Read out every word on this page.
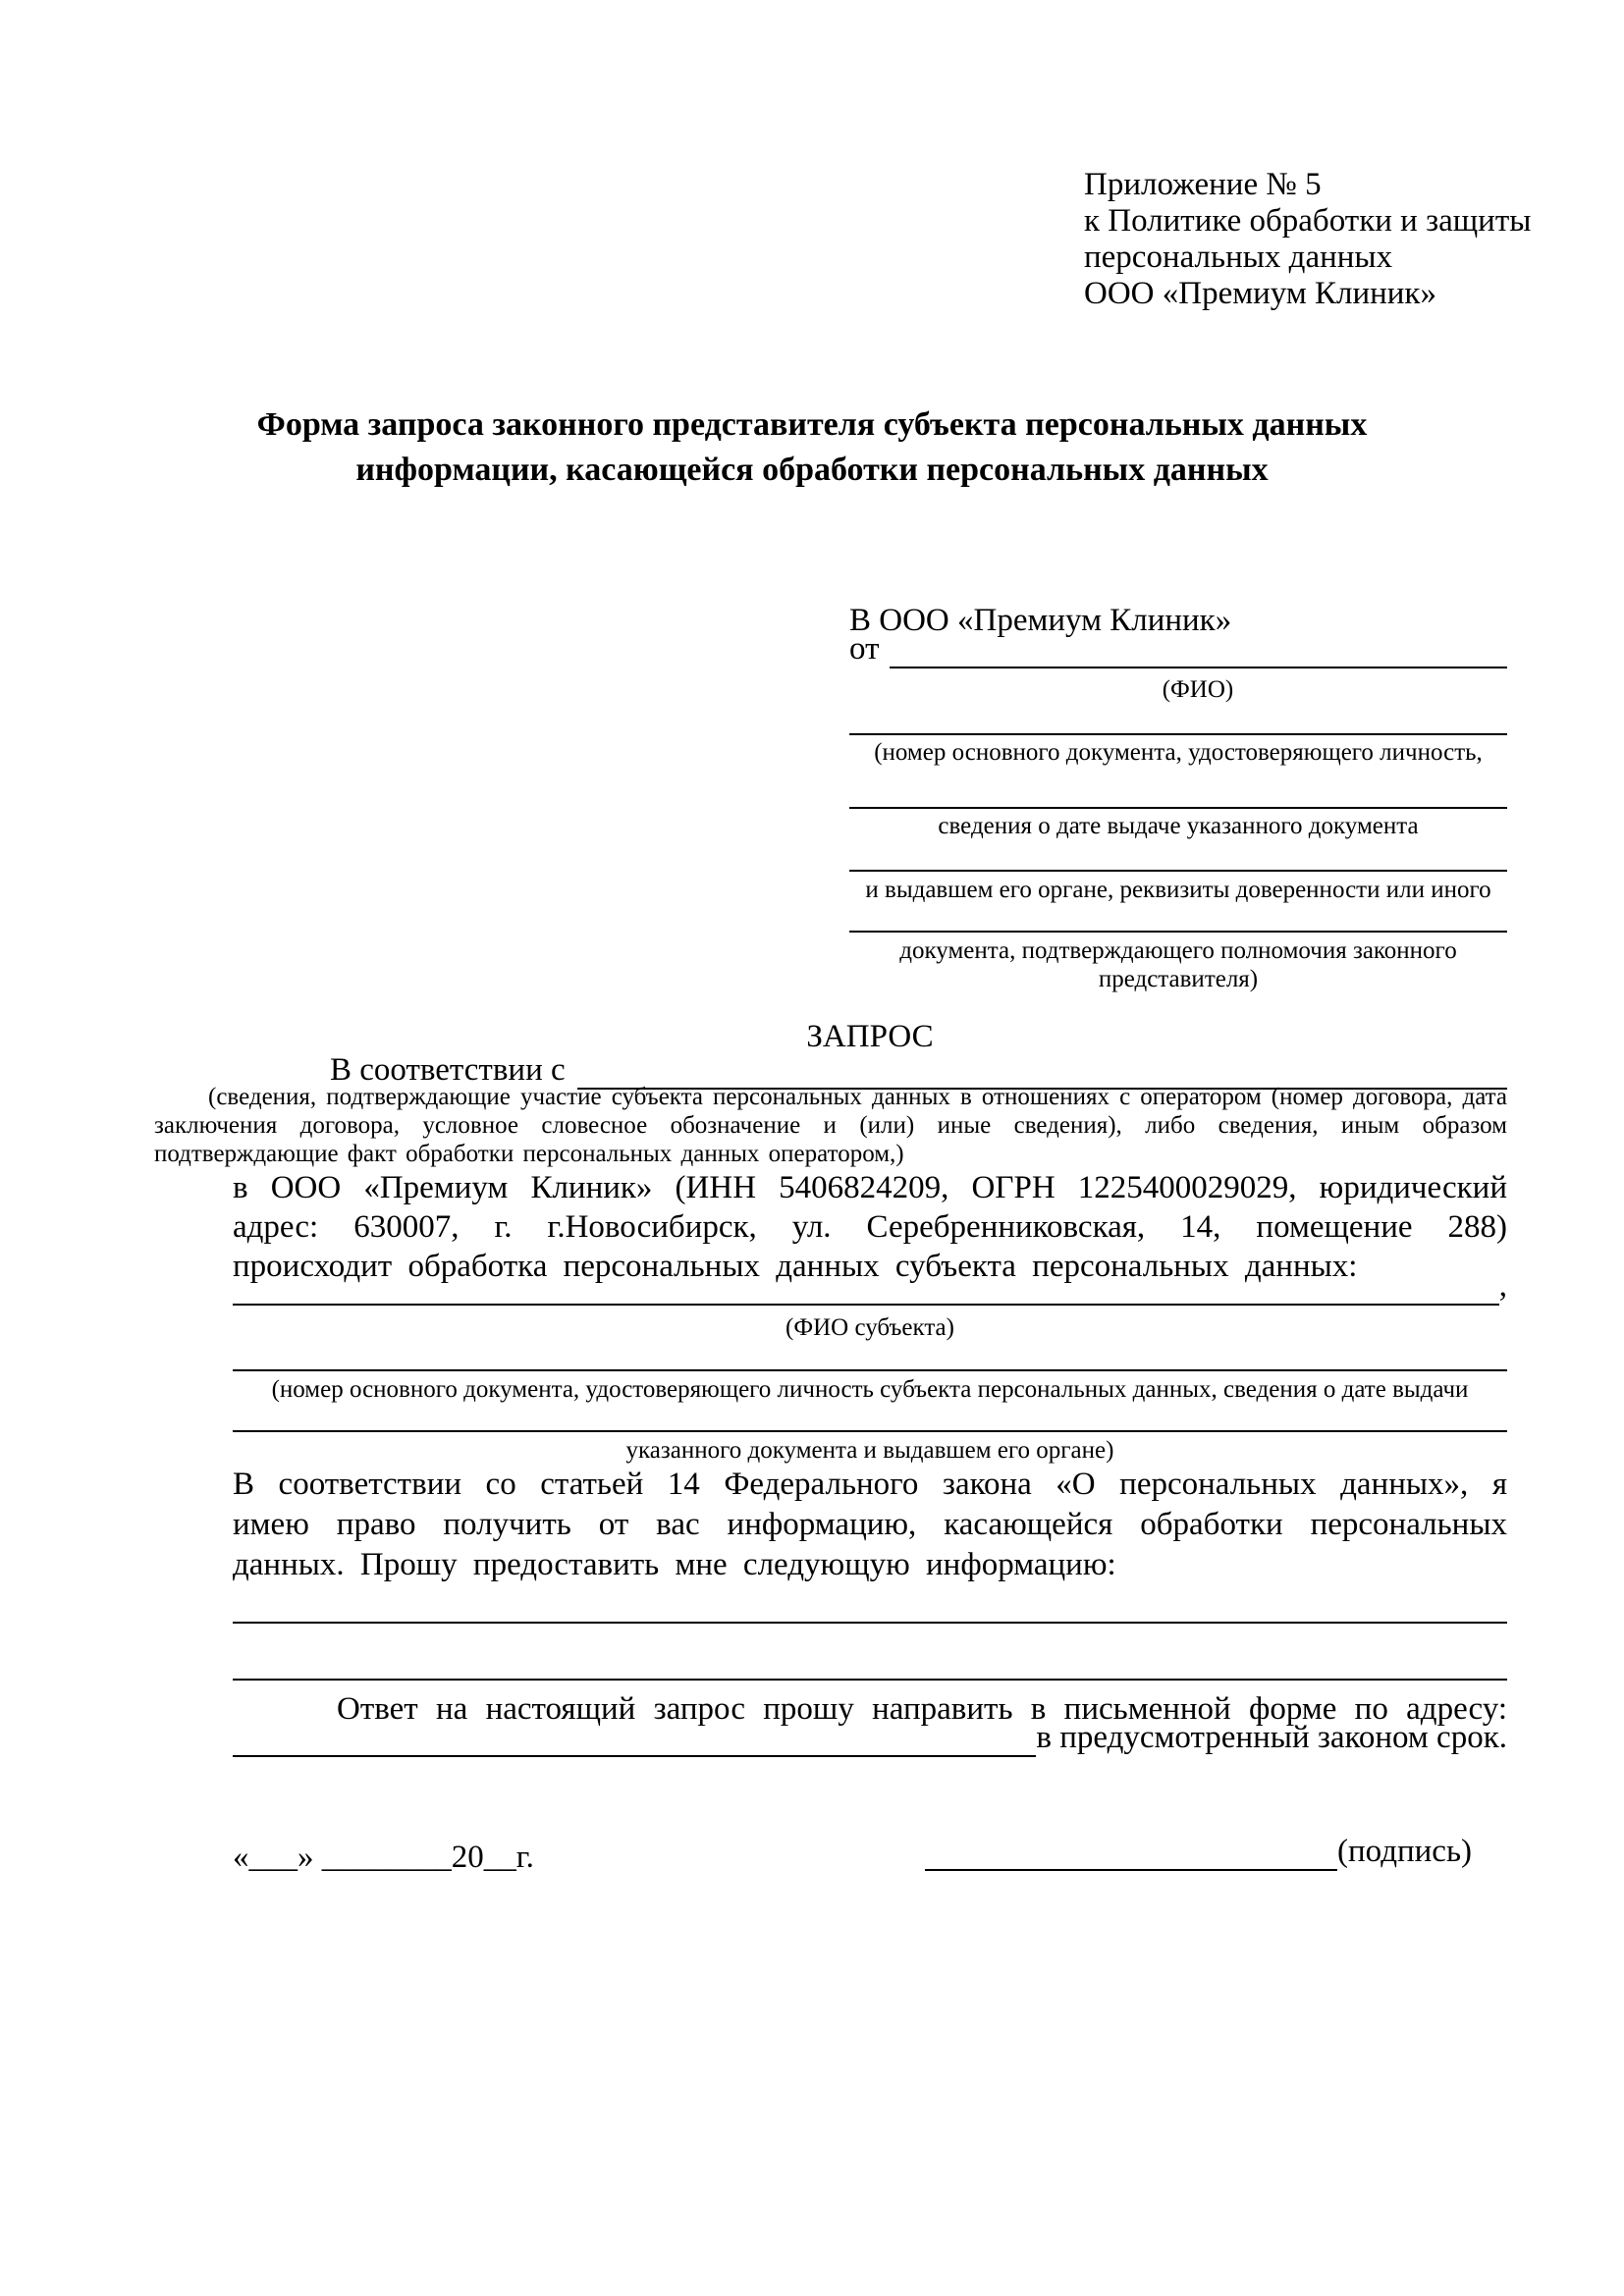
Приложение № 5
к Политике обработки и защиты
персональных данных
ООО «Премиум Клиник»
Форма запроса законного представителя субъекта персональных данных информации, касающейся обработки персональных данных
В ООО «Премиум Клиник»
от
(ФИО)
(номер основного документа, удостоверяющего личность,
сведения о дате выдаче указанного документа
и выдавшем его органе, реквизиты доверенности или иного
документа, подтверждающего полномочия законного представителя)
ЗАПРОС
В соответствии с
(сведения, подтверждающие участие субъекта персональных данных в отношениях с оператором (номер договора, дата заключения договора, условное словесное обозначение и (или) иные сведения), либо сведения, иным образом подтверждающие факт обработки персональных данных оператором,)
в ООО «Премиум Клиник» (ИНН 5406824209, ОГРН 1225400029029, юридический адрес: 630007, г. г.Новосибирск, ул. Серебренниковская, 14, помещение 288) происходит обработка персональных данных субъекта персональных данных:
,
(ФИО субъекта)
(номер основного документа, удостоверяющего личность субъекта персональных данных, сведения о дате выдачи
указанного документа и выдавшем его органе)
В соответствии со статьей 14 Федерального закона «О персональных данных», я имею право получить от вас информацию, касающейся обработки персональных данных. Прошу предоставить мне следующую информацию:
Ответ на настоящий запрос прошу направить в письменной форме по адресу:
в предусмотренный законом срок.
«___» ________20__г.	(подпись)
